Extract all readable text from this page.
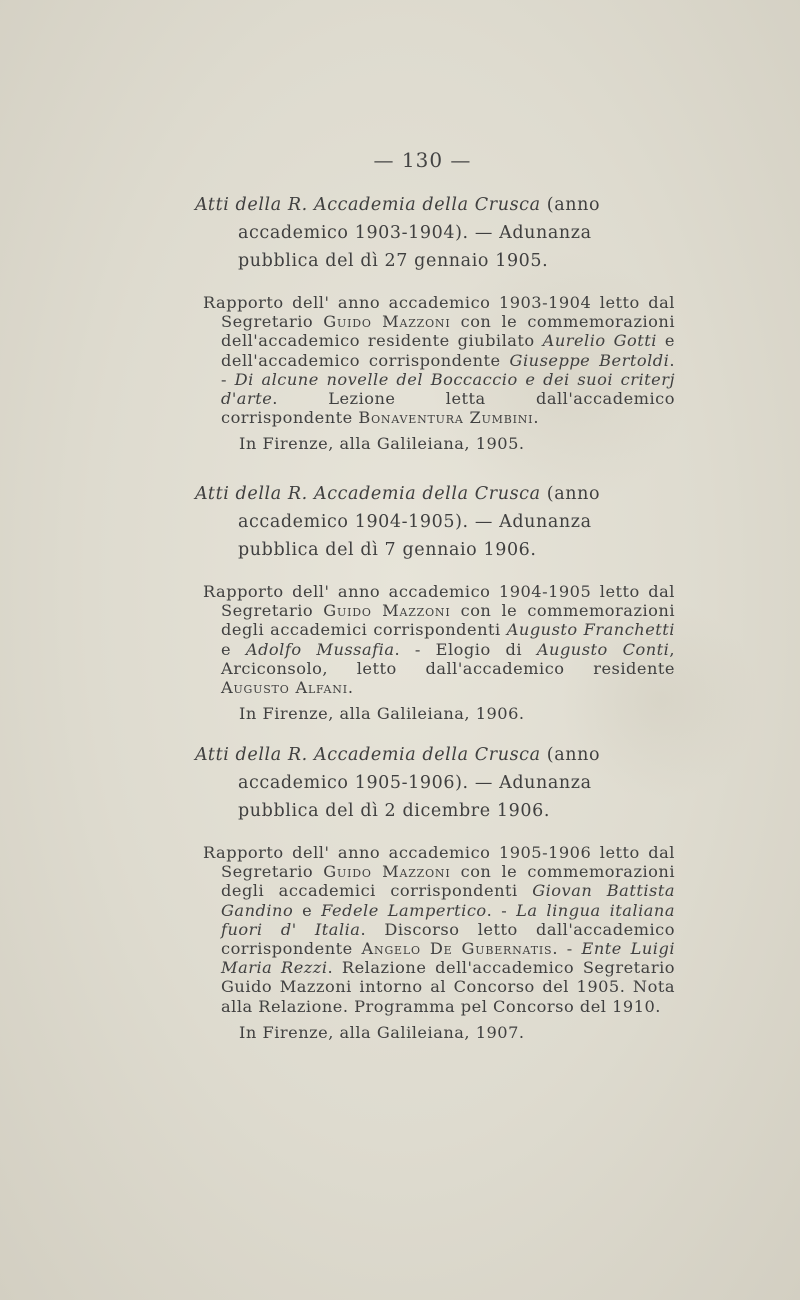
— 130 —

Atti della R. Accademia della Crusca (anno accademico 1903-1904). — Adunanza pubblica del dì 27 gennaio 1905.

Rapporto dell' anno accademico 1903-1904 letto dal Segretario Guido Mazzoni con le commemorazioni dell'accademico residente giubilato Aurelio Gotti e dell'accademico corrispondente Giuseppe Bertoldi. - Di alcune novelle del Boccaccio e dei suoi criterj d'arte. Lezione letta dall'accademico corrispondente Bonaventura Zumbini.

In Firenze, alla Galileiana, 1905.

Atti della R. Accademia della Crusca (anno accademico 1904-1905). — Adunanza pubblica del dì 7 gennaio 1906.

Rapporto dell' anno accademico 1904-1905 letto dal Segretario Guido Mazzoni con le commemorazioni degli accademici corrispondenti Augusto Franchetti e Adolfo Mussafia. - Elogio di Augusto Conti, Arciconsolo, letto dall'accademico residente Augusto Alfani.

In Firenze, alla Galileiana, 1906.

Atti della R. Accademia della Crusca (anno accademico 1905-1906). — Adunanza pubblica del dì 2 dicembre 1906.

Rapporto dell' anno accademico 1905-1906 letto dal Segretario Guido Mazzoni con le commemorazioni degli accademici corrispondenti Giovan Battista Gandino e Fedele Lampertico. - La lingua italiana fuori d' Italia. Discorso letto dall'accademico corrispondente Angelo De Gubernatis. - Ente Luigi Maria Rezzi. Relazione dell'accademico Segretario Guido Mazzoni intorno al Concorso del 1905. Nota alla Relazione. Programma pel Concorso del 1910.

In Firenze, alla Galileiana, 1907.
